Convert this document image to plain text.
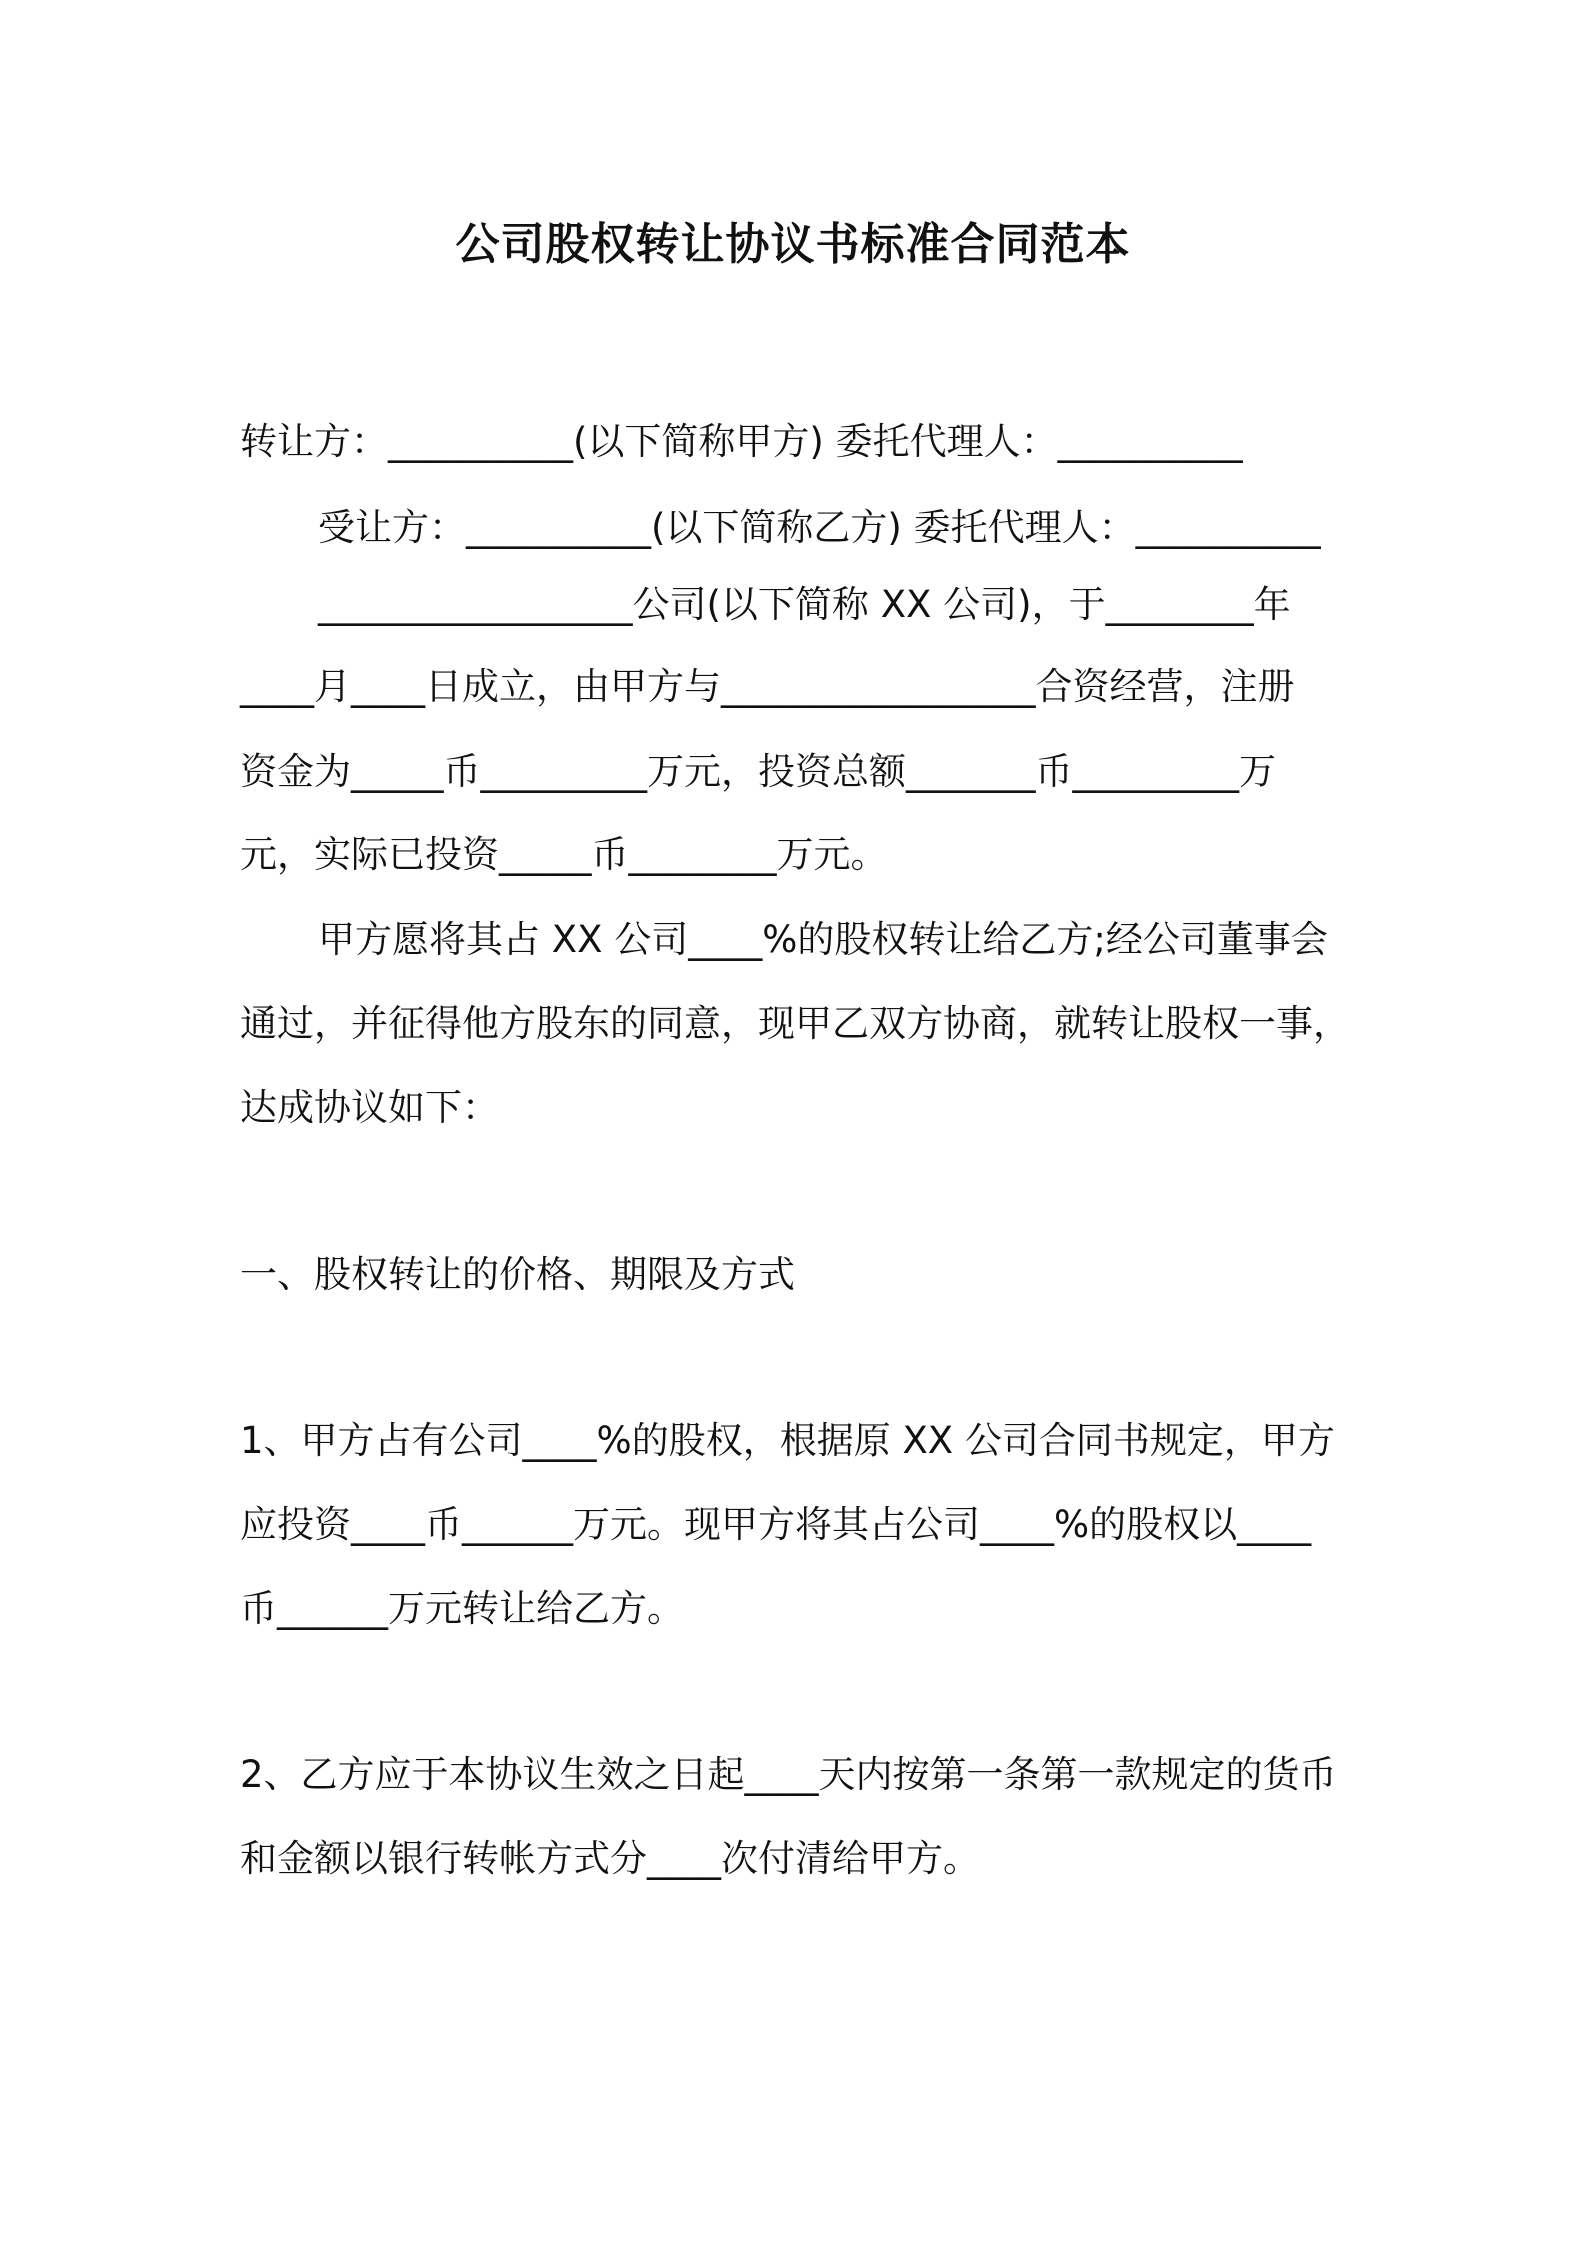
公司股权转让协议书标准合同范本
转让方：__________(以下简称甲方) 委托代理人：__________
受让方：__________(以下简称乙方) 委托代理人：__________
_________________公司(以下简称 XX 公司)，于________年
____月____日成立，由甲方与_________________合资经营，注册
资金为_____币_________万元，投资总额_______币_________万
元，实际已投资_____币________万元。
甲方愿将其占 XX 公司____%的股权转让给乙方;经公司董事会
通过，并征得他方股东的同意，现甲乙双方协商，就转让股权一事，
达成协议如下：
一、股权转让的价格、期限及方式
1、甲方占有公司____%的股权，根据原 XX 公司合同书规定，甲方
应投资____币______万元。现甲方将其占公司____%的股权以____
币______万元转让给乙方。
2、乙方应于本协议生效之日起____天内按第一条第一款规定的货币
和金额以银行转帐方式分____次付清给甲方。
